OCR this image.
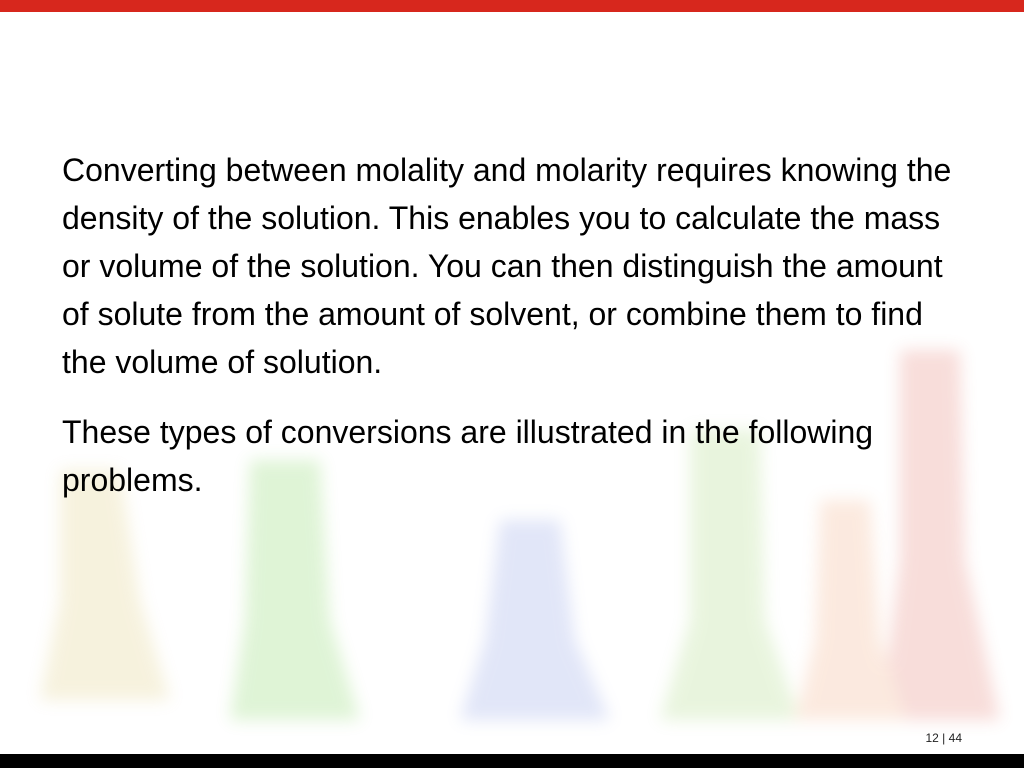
Converting between molality and molarity requires knowing the density of the solution. This enables you to calculate the mass or volume of the solution. You can then distinguish the amount of solute from the amount of solvent, or combine them to find the volume of solution.

These types of conversions are illustrated in the following problems.

12 | 44
